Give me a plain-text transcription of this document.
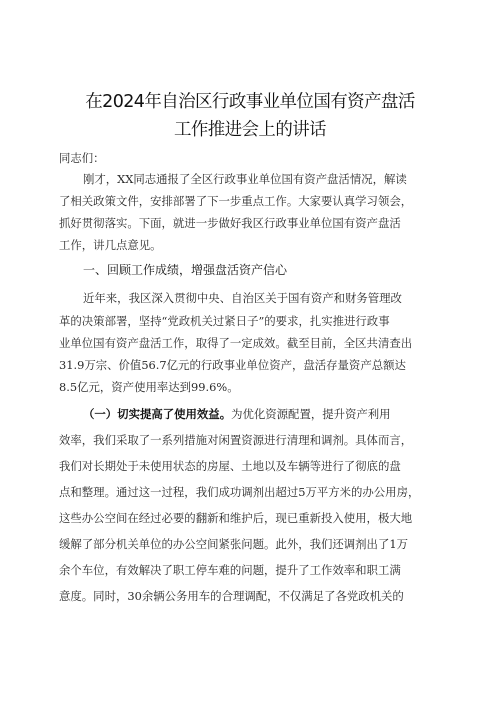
在2024年自治区行政事业单位国有资产盘活
工作推进会上的讲话
同志们：
刚才，XX同志通报了全区行政事业单位国有资产盘活情况，解读
了相关政策文件，安排部署了下一步重点工作。大家要认真学习领会，
抓好贯彻落实。下面，就进一步做好我区行政事业单位国有资产盘活
工作，讲几点意见。
一、回顾工作成绩，增强盘活资产信心
近年来，我区深入贯彻中央、自治区关于国有资产和财务管理改
革的决策部署，坚持“党政机关过紧日子”的要求，扎实推进行政事
业单位国有资产盘活工作，取得了一定成效。截至目前，全区共清查出
31.9万宗、价值56.7亿元的行政事业单位资产，盘活存量资产总额达
8.5亿元，资产使用率达到99.6%。
（一）切实提高了使用效益。为优化资源配置，提升资产利用
效率，我们采取了一系列措施对闲置资源进行清理和调剂。具体而言，
我们对长期处于未使用状态的房屋、土地以及车辆等进行了彻底的盘
点和整理。通过这一过程，我们成功调剂出超过5万平方米的办公用房，
这些办公空间在经过必要的翻新和维护后，现已重新投入使用，极大地
缓解了部分机关单位的办公空间紧张问题。此外，我们还调剂出了1万
余个车位，有效解决了职工停车难的问题，提升了工作效率和职工满
意度。同时，30余辆公务用车的合理调配，不仅满足了各党政机关的
